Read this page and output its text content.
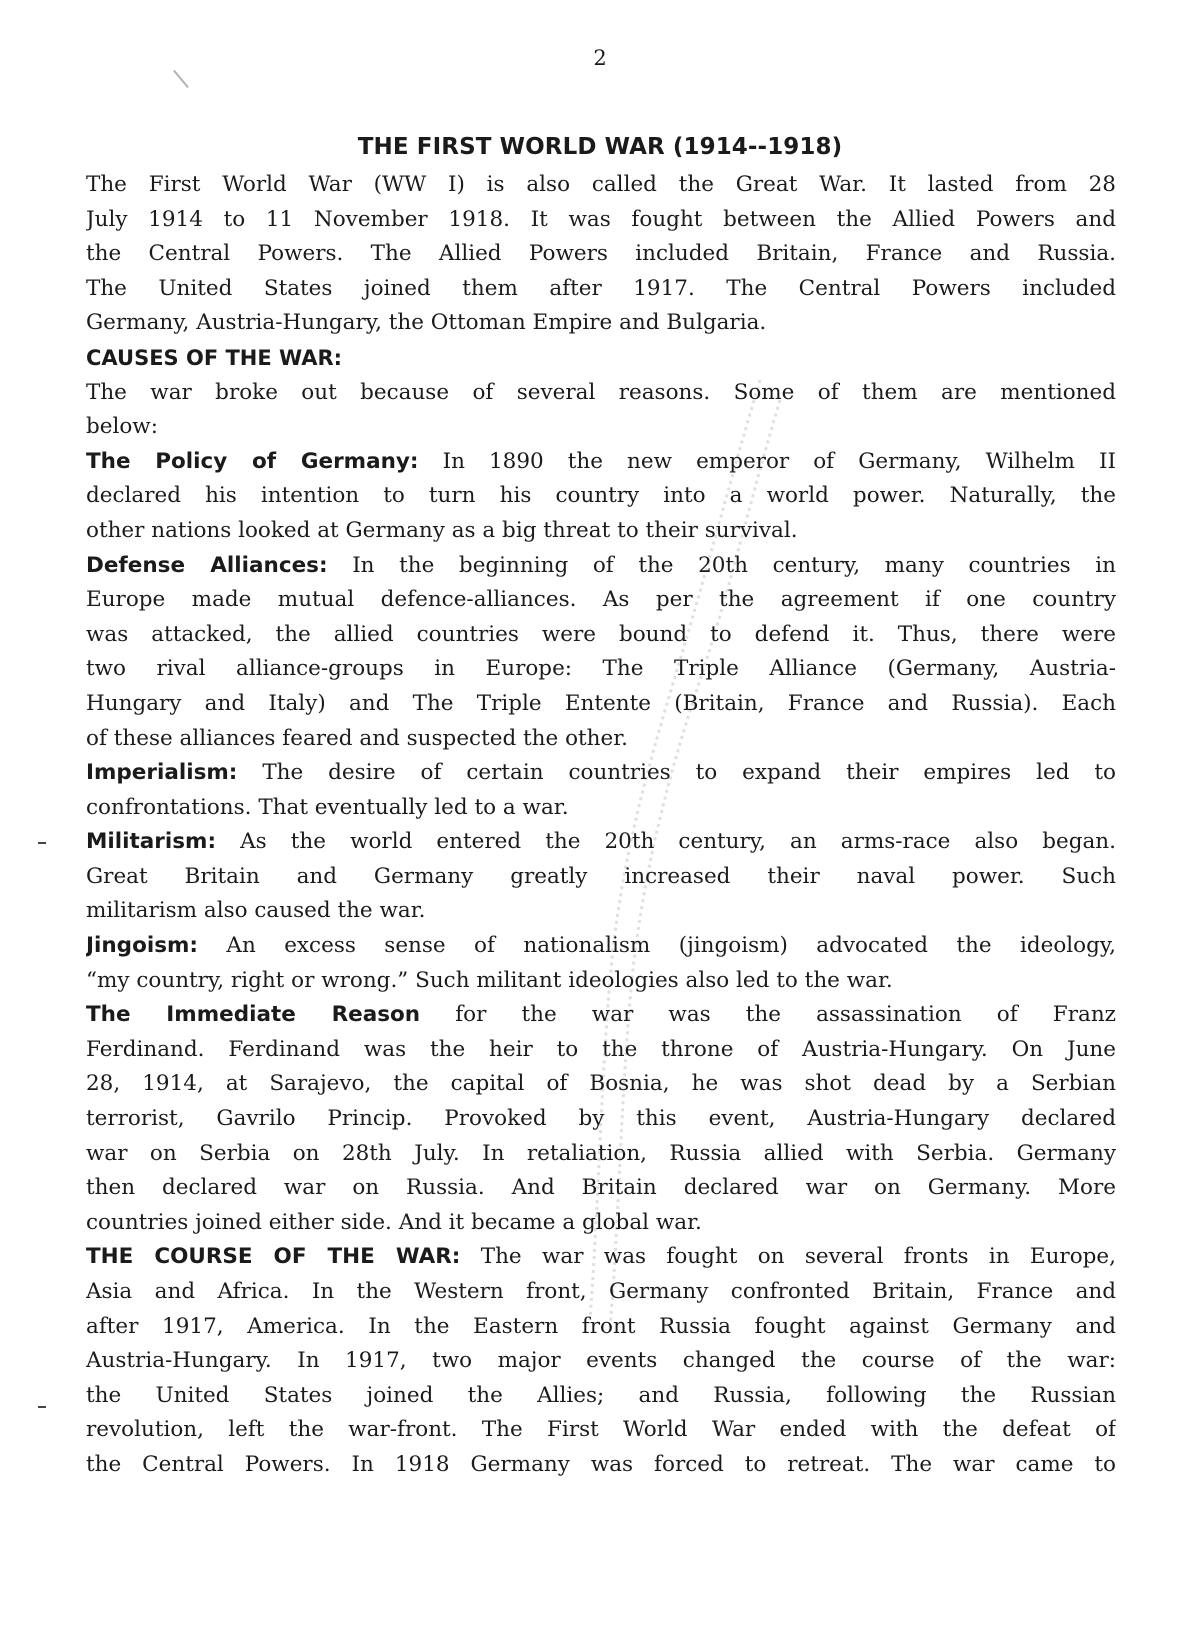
2
THE FIRST WORLD WAR (1914--1918)
The First World War (WW I) is also called the Great War. It lasted from 28
July 1914 to 11 November 1918. It was fought between the Allied Powers and
the Central Powers. The Allied Powers included Britain, France and Russia.
The United States joined them after 1917. The Central Powers included
Germany, Austria-Hungary, the Ottoman Empire and Bulgaria.
CAUSES OF THE WAR:
The war broke out because of several reasons. Some of them are mentioned
below:
The Policy of Germany: In 1890 the new emperor of Germany, Wilhelm II
declared his intention to turn his country into a world power. Naturally, the
other nations looked at Germany as a big threat to their survival.
Defense Alliances: In the beginning of the 20th century, many countries in
Europe made mutual defence-alliances. As per the agreement if one country
was attacked, the allied countries were bound to defend it. Thus, there were
two rival alliance-groups in Europe: The Triple Alliance (Germany, Austria-
Hungary and Italy) and The Triple Entente (Britain, France and Russia). Each
of these alliances feared and suspected the other.
Imperialism: The desire of certain countries to expand their empires led to
confrontations. That eventually led to a war.
Militarism: As the world entered the 20th century, an arms-race also began.
Great Britain and Germany greatly increased their naval power. Such
militarism also caused the war.
Jingoism: An excess sense of nationalism (jingoism) advocated the ideology,
“my country, right or wrong.” Such militant ideologies also led to the war.
The Immediate Reason for the war was the assassination of Franz
Ferdinand. Ferdinand was the heir to the throne of Austria-Hungary. On June
28, 1914, at Sarajevo, the capital of Bosnia, he was shot dead by a Serbian
terrorist, Gavrilo Princip. Provoked by this event, Austria-Hungary declared
war on Serbia on 28th July. In retaliation, Russia allied with Serbia. Germany
then declared war on Russia. And Britain declared war on Germany. More
countries joined either side. And it became a global war.
THE COURSE OF THE WAR: The war was fought on several fronts in Europe,
Asia and Africa. In the Western front, Germany confronted Britain, France and
after 1917, America. In the Eastern front Russia fought against Germany and
Austria-Hungary. In 1917, two major events changed the course of the war:
the United States joined the Allies; and Russia, following the Russian
revolution, left the war-front. The First World War ended with the defeat of
the Central Powers. In 1918 Germany was forced to retreat. The war came to
